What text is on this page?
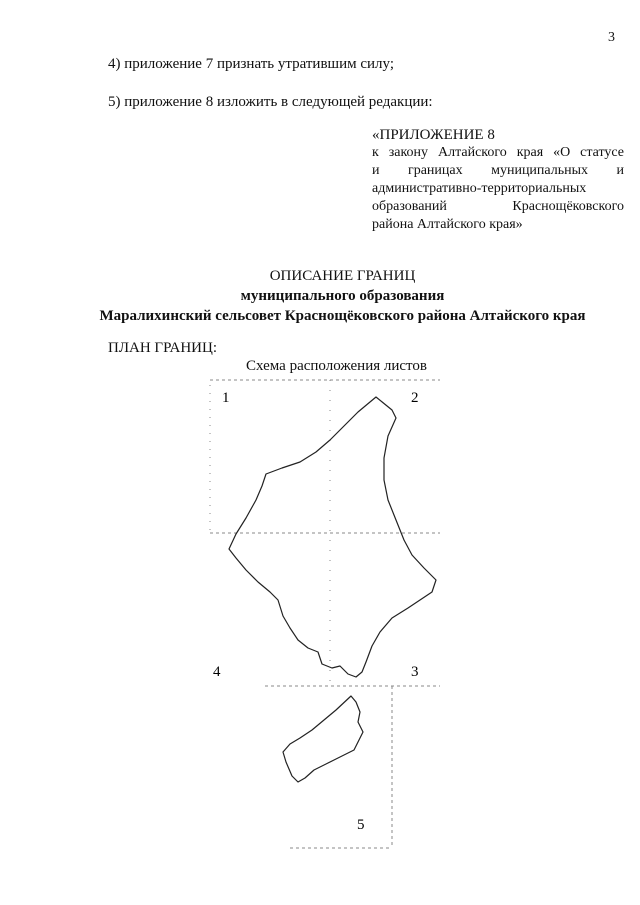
3
4) приложение 7 признать утратившим силу;
5) приложение 8 изложить в следующей редакции:
«ПРИЛОЖЕНИЕ 8
к закону Алтайского края «О статусе
и границах муниципальных и
административно-территориальных
образований Краснощёковского
района Алтайского края»
ОПИСАНИЕ ГРАНИЦ
муниципального образования
Маралихинский сельсовет Краснощёковского района Алтайского края
ПЛАН ГРАНИЦ:
Схема расположения листов
1	2
3
4
5
